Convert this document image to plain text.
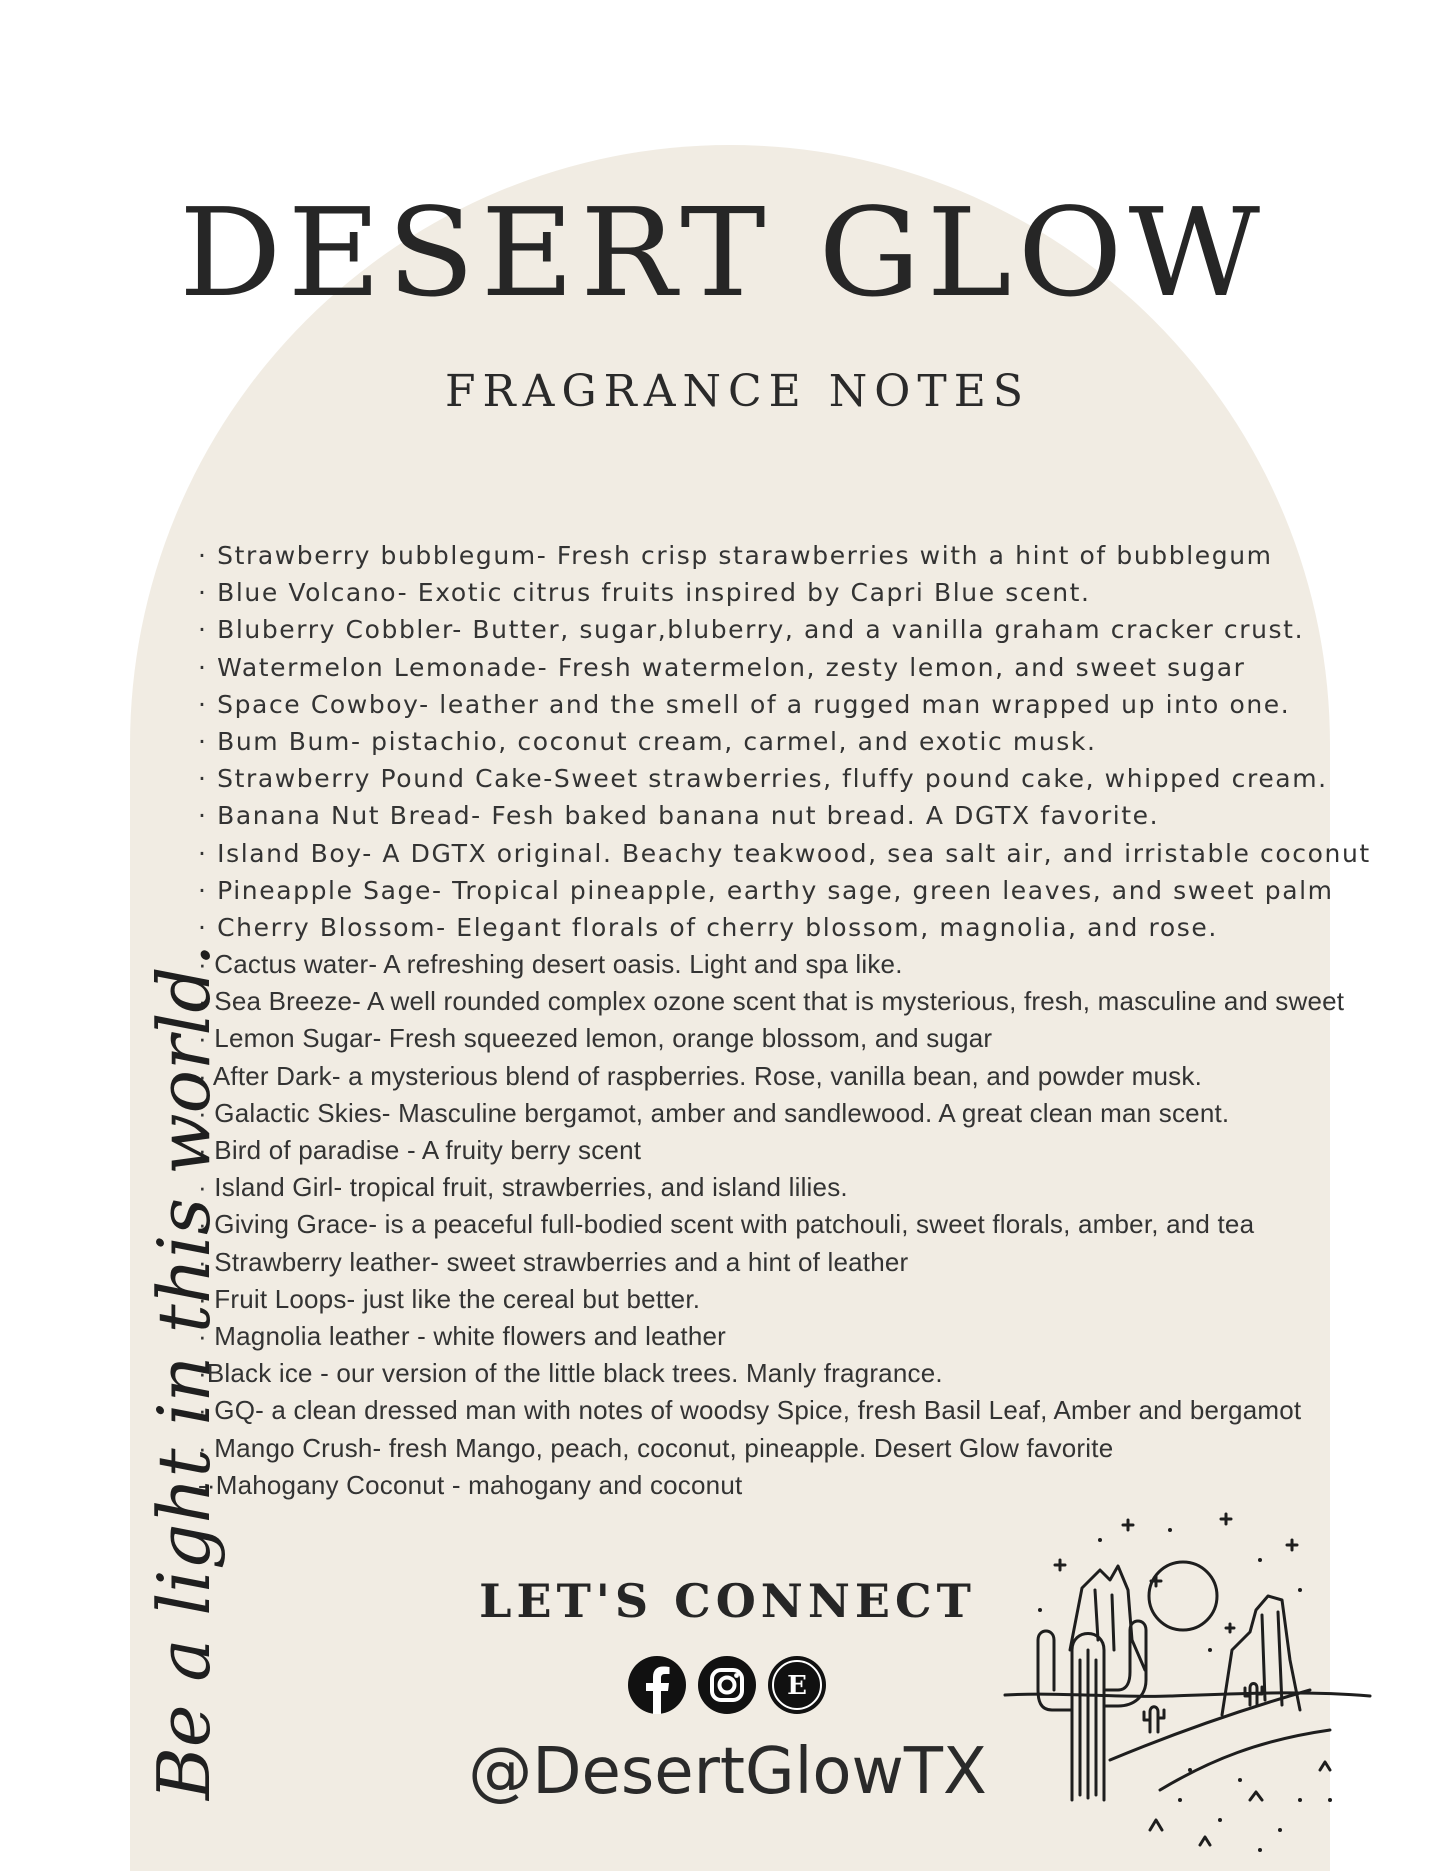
DESERT GLOW
FRAGRANCE NOTES
· Strawberry bubblegum- Fresh crisp starawberries with a hint of bubblegum
· Blue Volcano- Exotic citrus fruits inspired by Capri Blue scent.
· Bluberry Cobbler- Butter, sugar,bluberry, and a vanilla graham cracker crust.
· Watermelon Lemonade- Fresh watermelon, zesty lemon, and sweet sugar
· Space Cowboy- leather and the smell of a rugged man wrapped up into one.
· Bum Bum- pistachio, coconut cream, carmel, and exotic musk.
· Strawberry Pound Cake-Sweet strawberries, fluffy pound cake, whipped cream.
· Banana Nut Bread- Fesh baked banana nut bread. A DGTX favorite.
· Island Boy- A DGTX original. Beachy teakwood, sea salt air, and irristable coconut
· Pineapple Sage- Tropical pineapple, earthy sage, green leaves, and sweet palm
· Cherry Blossom- Elegant florals of cherry blossom, magnolia, and rose.
· Cactus water- A refreshing desert oasis. Light and spa like.
· Sea Breeze- A well rounded complex ozone scent that is mysterious, fresh, masculine and sweet
· Lemon Sugar- Fresh squeezed lemon, orange blossom, and sugar
· After Dark- a mysterious blend of raspberries. Rose, vanilla bean, and powder musk.
· Galactic Skies- Masculine bergamot, amber and sandlewood. A great clean man scent.
· Bird of paradise - A fruity berry scent
· Island Girl- tropical fruit, strawberries, and island lilies.
· Giving Grace- is a peaceful full-bodied scent with patchouli, sweet florals, amber, and tea
· Strawberry leather- sweet strawberries and a hint of leather
· Fruit Loops- just like the cereal but better.
· Magnolia leather - white flowers and leather
·Black ice - our version of the little black trees. Manly fragrance.
· GQ- a clean dressed man with notes of woodsy Spice, fresh Basil Leaf, Amber and bergamot
· Mango Crush- fresh Mango, peach, coconut, pineapple. Desert Glow favorite
-·Mahogany Coconut - mahogany and coconut
Be a light in this world.	LET'S CONNECT
E
@DesertGlowTX
